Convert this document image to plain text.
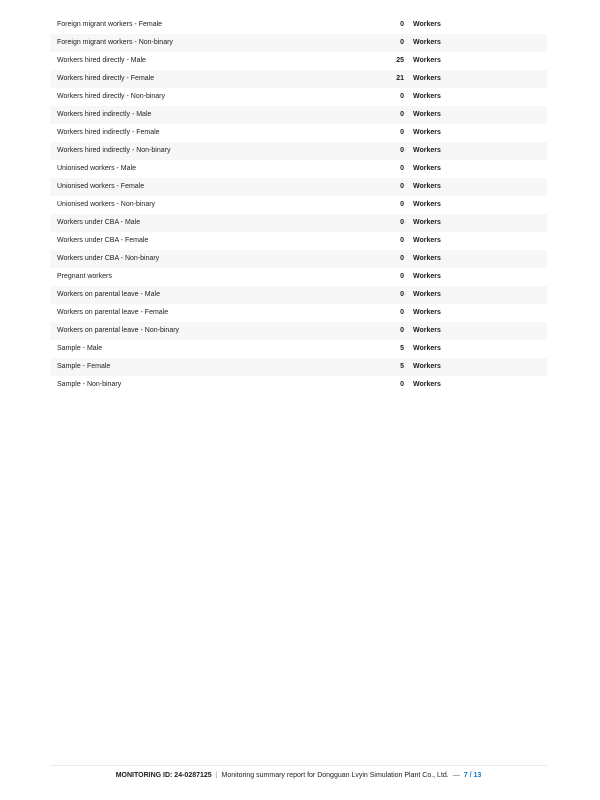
Foreign migrant workers - Female	0	Workers
Foreign migrant workers - Non-binary	0	Workers
Workers hired directly - Male	25	Workers
Workers hired directly - Female	21	Workers
Workers hired directly - Non-binary	0	Workers
Workers hired indirectly - Male	0	Workers
Workers hired indirectly - Female	0	Workers
Workers hired indirectly - Non-binary	0	Workers
Unionised workers - Male	0	Workers
Unionised workers - Female	0	Workers
Unionised workers - Non-binary	0	Workers
Workers under CBA - Male	0	Workers
Workers under CBA - Female	0	Workers
Workers under CBA - Non-binary	0	Workers
Pregnant workers	0	Workers
Workers on parental leave - Male	0	Workers
Workers on parental leave - Female	0	Workers
Workers on parental leave - Non-binary	0	Workers
Sample - Male	5	Workers
Sample - Female	5	Workers
Sample - Non-binary	0	Workers
MONITORING ID: 24-0287125 | Monitoring summary report for Dongguan Lvyin Simulation Plant Co., Ltd. — 7 / 13
